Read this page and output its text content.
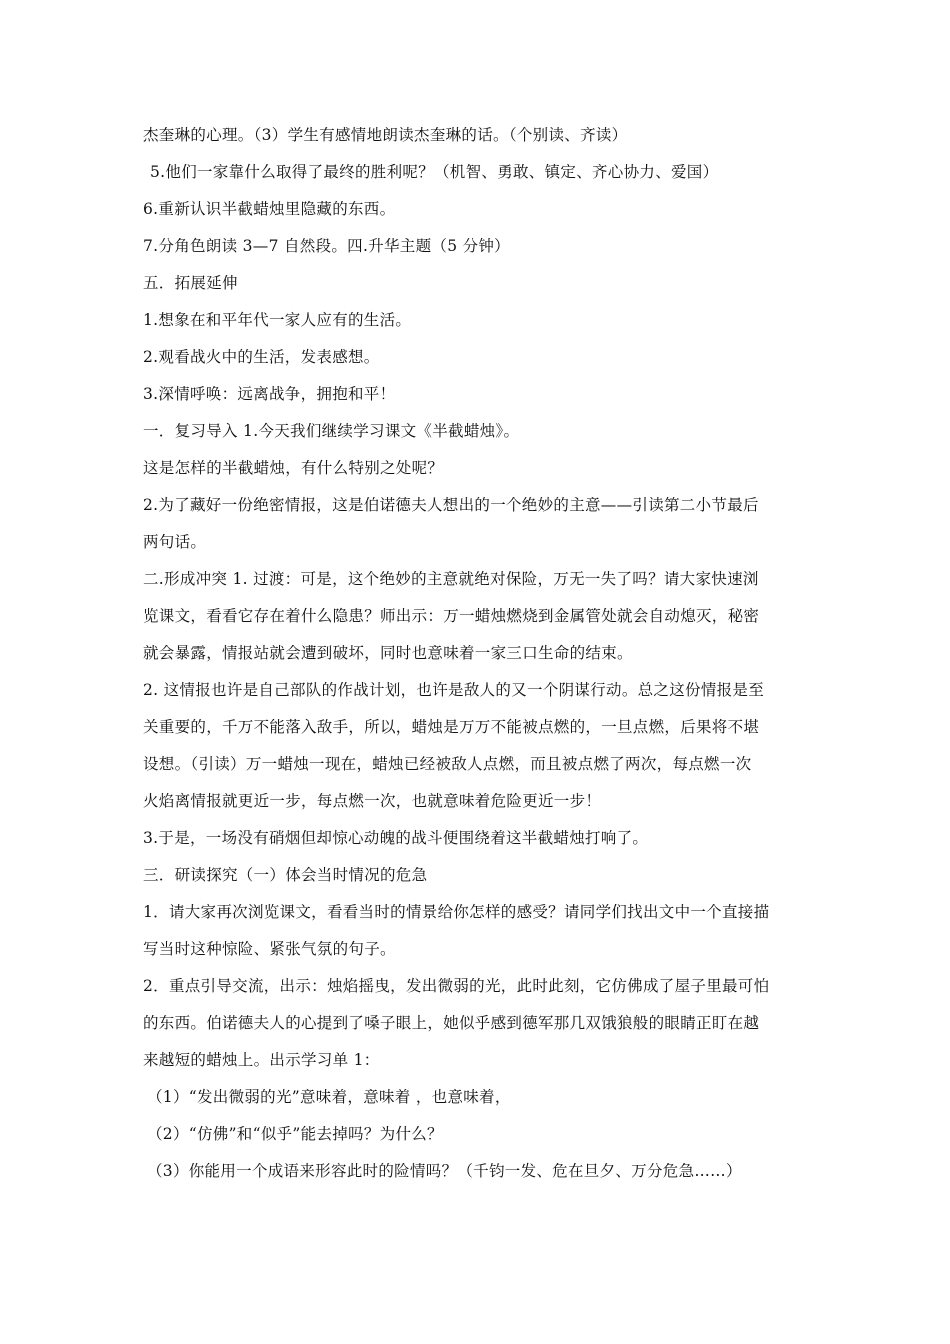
杰奎琳的心理。（3）学生有感情地朗读杰奎琳的话。（个别读、齐读）
5.他们一家靠什么取得了最终的胜利呢？（机智、勇敢、镇定、齐心协力、爱国）
6.重新认识半截蜡烛里隐藏的东西。
7.分角色朗读 3—7 自然段。四.升华主题（5 分钟）
五．拓展延伸
1.想象在和平年代一家人应有的生活。
2.观看战火中的生活，发表感想。
3.深情呼唤：远离战争，拥抱和平！
一．复习导入 1.今天我们继续学习课文《半截蜡烛》。
这是怎样的半截蜡烛，有什么特别之处呢？
2.为了藏好一份绝密情报，这是伯诺德夫人想出的一个绝妙的主意——引读第二小节最后
两句话。
二.形成冲突 1. 过渡：可是，这个绝妙的主意就绝对保险，万无一失了吗？请大家快速浏
览课文，看看它存在着什么隐患？师出示：万一蜡烛燃烧到金属管处就会自动熄灭，秘密
就会暴露，情报站就会遭到破坏，同时也意味着一家三口生命的结束。
2. 这情报也许是自己部队的作战计划，也许是敌人的又一个阴谋行动。总之这份情报是至
关重要的，千万不能落入敌手，所以，蜡烛是万万不能被点燃的，一旦点燃，后果将不堪
设想。（引读）万一蜡烛一现在，蜡烛已经被敌人点燃，而且被点燃了两次，每点燃一次
火焰离情报就更近一步，每点燃一次，也就意味着危险更近一步！
3.于是，一场没有硝烟但却惊心动魄的战斗便围绕着这半截蜡烛打响了。
三．研读探究（一）体会当时情况的危急
1．请大家再次浏览课文，看看当时的情景给你怎样的感受？请同学们找出文中一个直接描
写当时这种惊险、紧张气氛的句子。
2．重点引导交流，出示：烛焰摇曳，发出微弱的光，此时此刻，它仿佛成了屋子里最可怕
的东西。伯诺德夫人的心提到了嗓子眼上，她似乎感到德军那几双饿狼般的眼睛正盯在越
来越短的蜡烛上。出示学习单 1：
（1）“发出微弱的光”意味着，意味着 ，也意味着，
（2）“仿佛”和“似乎”能去掉吗？为什么？
（3）你能用一个成语来形容此时的险情吗？（千钧一发、危在旦夕、万分危急……）
